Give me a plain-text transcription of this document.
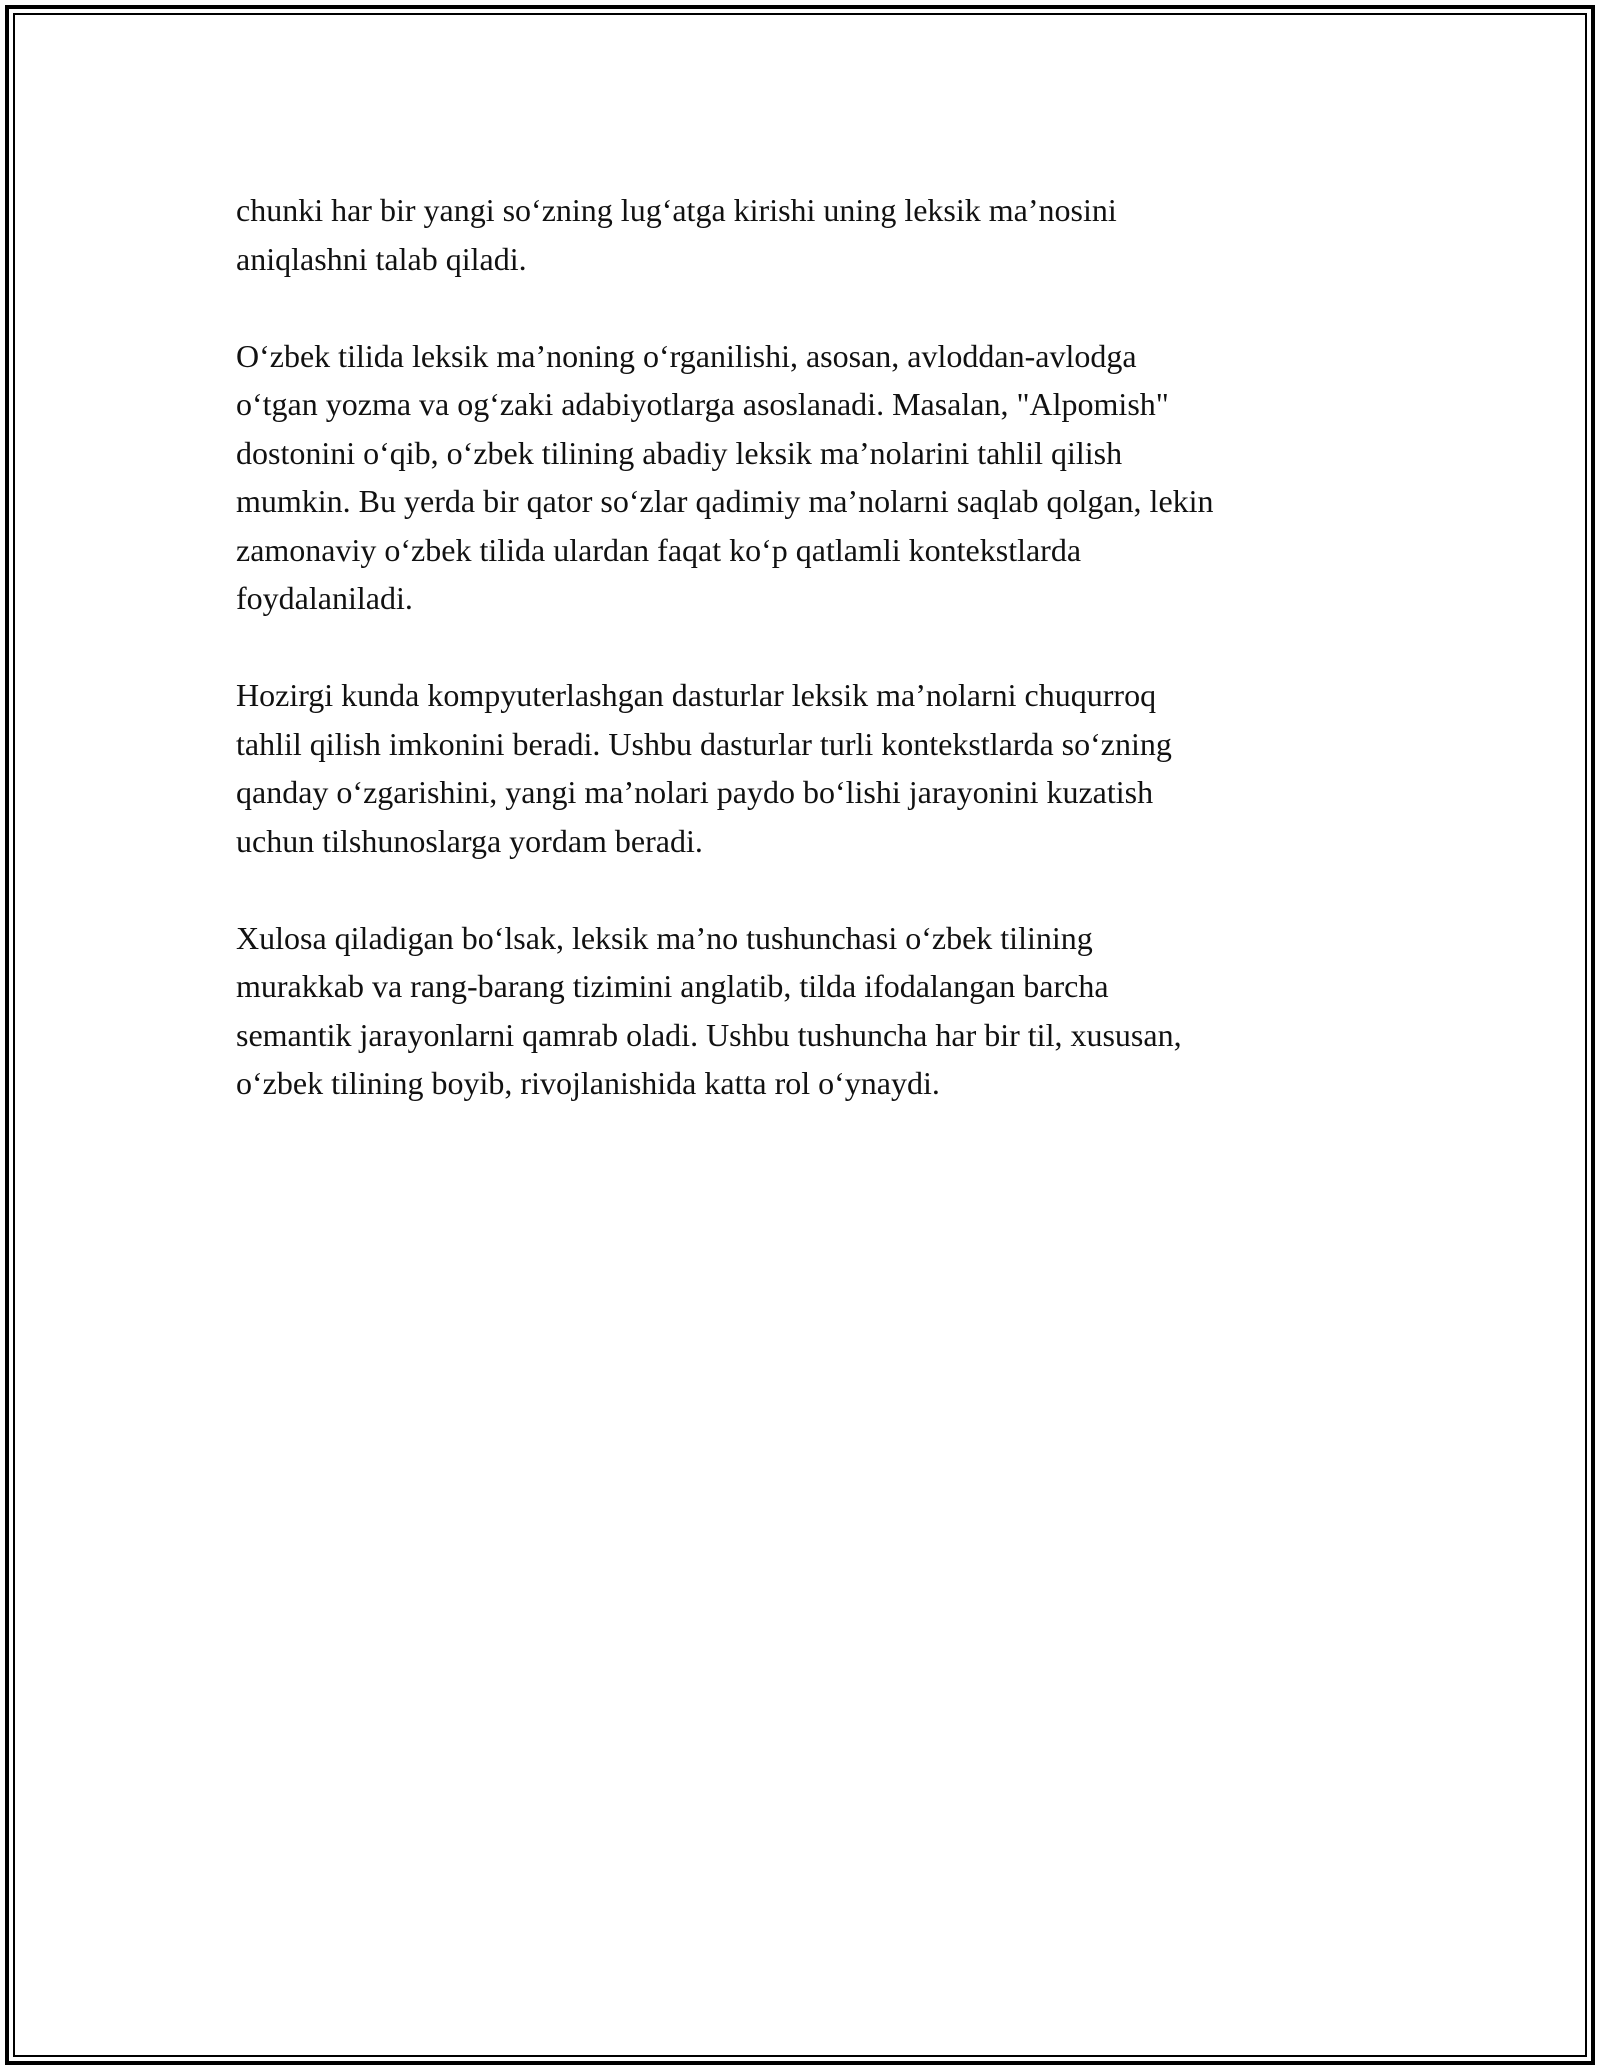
chunki har bir yangi so‘zning lug‘atga kirishi uning leksik ma’nosini
aniqlashni talab qiladi.

O‘zbek tilida leksik ma’noning o‘rganilishi, asosan, avloddan-avlodga
o‘tgan yozma va og‘zaki adabiyotlarga asoslanadi. Masalan, "Alpomish"
dostonini o‘qib, o‘zbek tilining abadiy leksik ma’nolarini tahlil qilish
mumkin. Bu yerda bir qator so‘zlar qadimiy ma’nolarni saqlab qolgan, lekin
zamonaviy o‘zbek tilida ulardan faqat ko‘p qatlamli kontekstlarda
foydalaniladi.

Hozirgi kunda kompyuterlashgan dasturlar leksik ma’nolarni chuqurroq
tahlil qilish imkonini beradi. Ushbu dasturlar turli kontekstlarda so‘zning
qanday o‘zgarishini, yangi ma’nolari paydo bo‘lishi jarayonini kuzatish
uchun tilshunoslarga yordam beradi.

Xulosa qiladigan bo‘lsak, leksik ma’no tushunchasi o‘zbek tilining
murakkab va rang-barang tizimini anglatib, tilda ifodalangan barcha
semantik jarayonlarni qamrab oladi. Ushbu tushuncha har bir til, xususan,
o‘zbek tilining boyib, rivojlanishida katta rol o‘ynaydi.
